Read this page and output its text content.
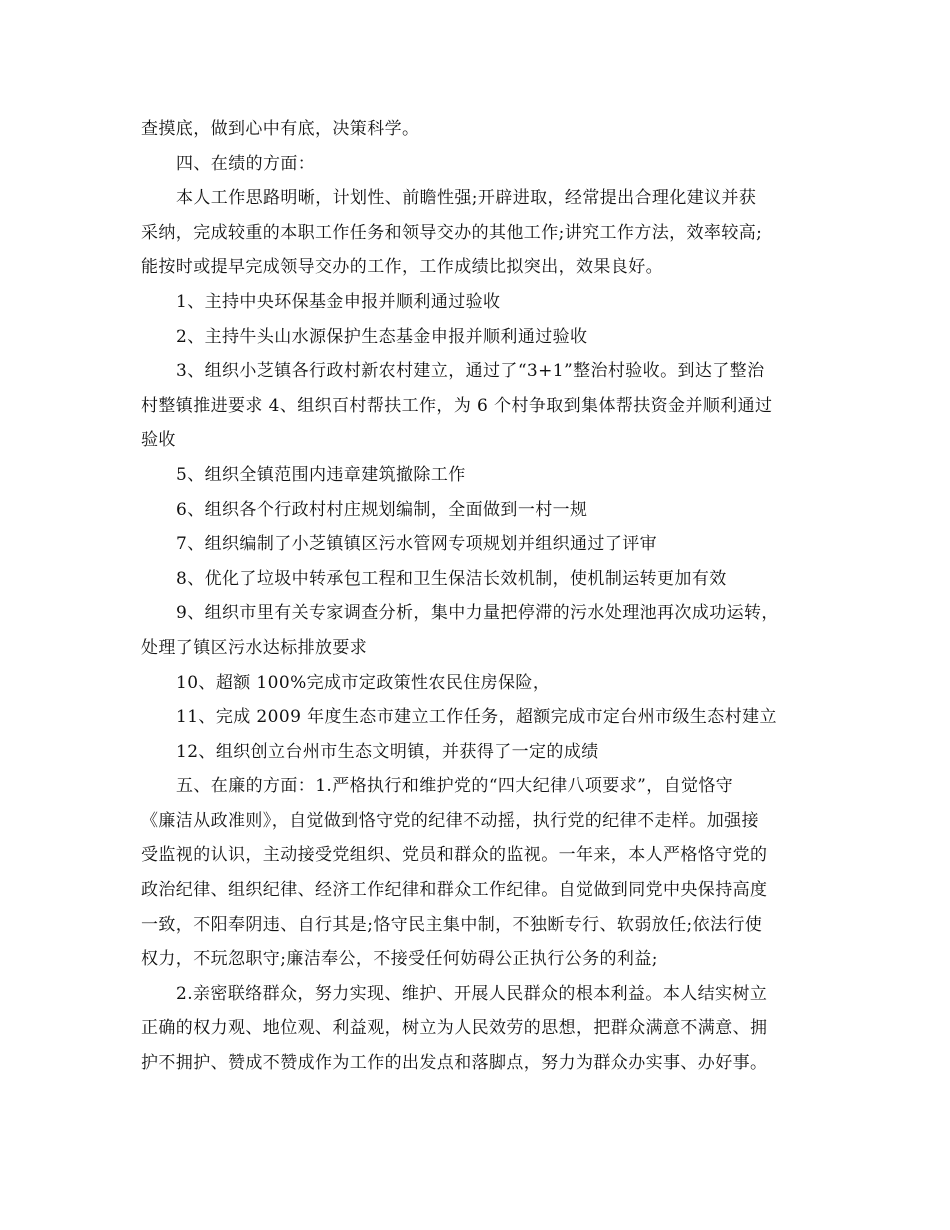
查摸底，做到心中有底，决策科学。
四、在绩的方面：
本人工作思路明晰，计划性、前瞻性强;开辟进取，经常提出合理化建议并获
采纳，完成较重的本职工作任务和领导交办的其他工作;讲究工作方法，效率较高;
能按时或提早完成领导交办的工作，工作成绩比拟突出，效果良好。
1、主持中央环保基金申报并顺利通过验收
2、主持牛头山水源保护生态基金申报并顺利通过验收
3、组织小芝镇各行政村新农村建立，通过了“3+1”整治村验收。到达了整治
村整镇推进要求 4、组织百村帮扶工作，为 6 个村争取到集体帮扶资金并顺利通过
验收
5、组织全镇范围内违章建筑撤除工作
6、组织各个行政村村庄规划编制，全面做到一村一规
7、组织编制了小芝镇镇区污水管网专项规划并组织通过了评审
8、优化了垃圾中转承包工程和卫生保洁长效机制，使机制运转更加有效
9、组织市里有关专家调查分析，集中力量把停滞的污水处理池再次成功运转，
处理了镇区污水达标排放要求
10、超额 100%完成市定政策性农民住房保险，
11、完成 2009 年度生态市建立工作任务，超额完成市定台州市级生态村建立
12、组织创立台州市生态文明镇，并获得了一定的成绩
五、在廉的方面：1.严格执行和维护党的“四大纪律八项要求”，自觉恪守
《廉洁从政准则》，自觉做到恪守党的纪律不动摇，执行党的纪律不走样。加强接
受监视的认识，主动接受党组织、党员和群众的监视。一年来，本人严格恪守党的
政治纪律、组织纪律、经济工作纪律和群众工作纪律。自觉做到同党中央保持高度
一致，不阳奉阴违、自行其是;恪守民主集中制，不独断专行、软弱放任;依法行使
权力，不玩忽职守;廉洁奉公，不接受任何妨碍公正执行公务的利益;
2.亲密联络群众，努力实现、维护、开展人民群众的根本利益。本人结实树立
正确的权力观、地位观、利益观，树立为人民效劳的思想，把群众满意不满意、拥
护不拥护、赞成不赞成作为工作的出发点和落脚点，努力为群众办实事、办好事。
